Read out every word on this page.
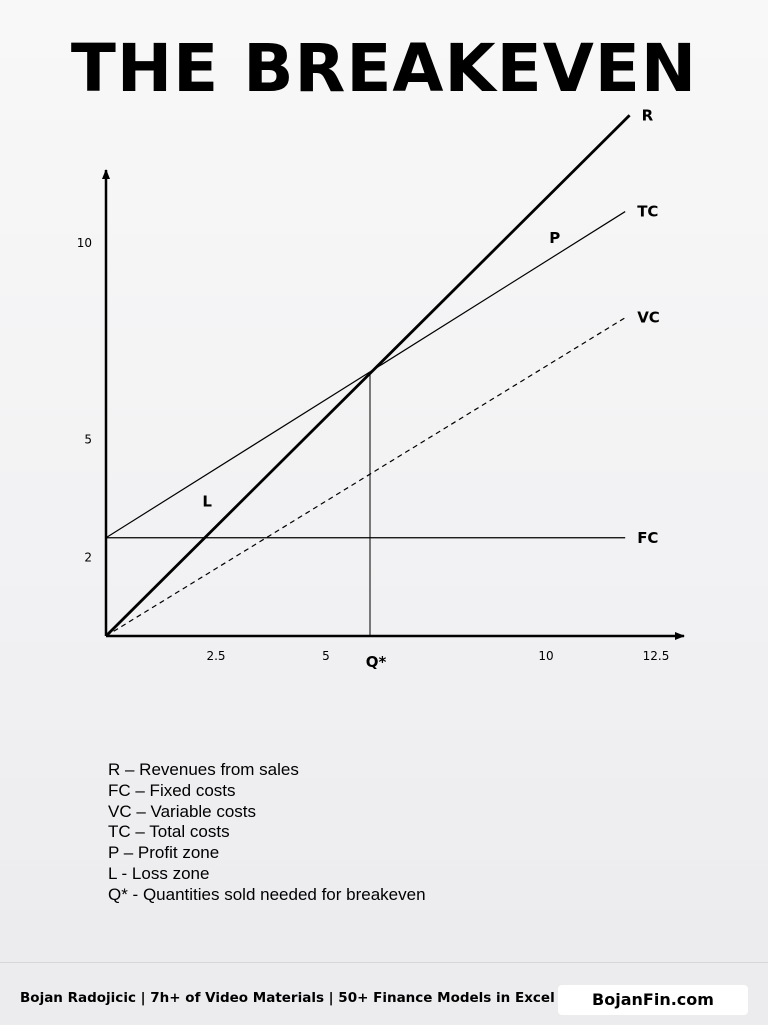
THE BREAKEVEN
2.5	5	10	12.5
2
5
10
R
TC
VC
FC
Q*
P
L
R – Revenues from sales
FC – Fixed costs
VC – Variable costs
TC – Total costs
P – Profit zone
L - Loss zone
Q* - Quantities sold needed for breakeven
Bojan Radojicic | 7h+ of Video Materials | 50+ Finance Models in Excel	BojanFin.com
